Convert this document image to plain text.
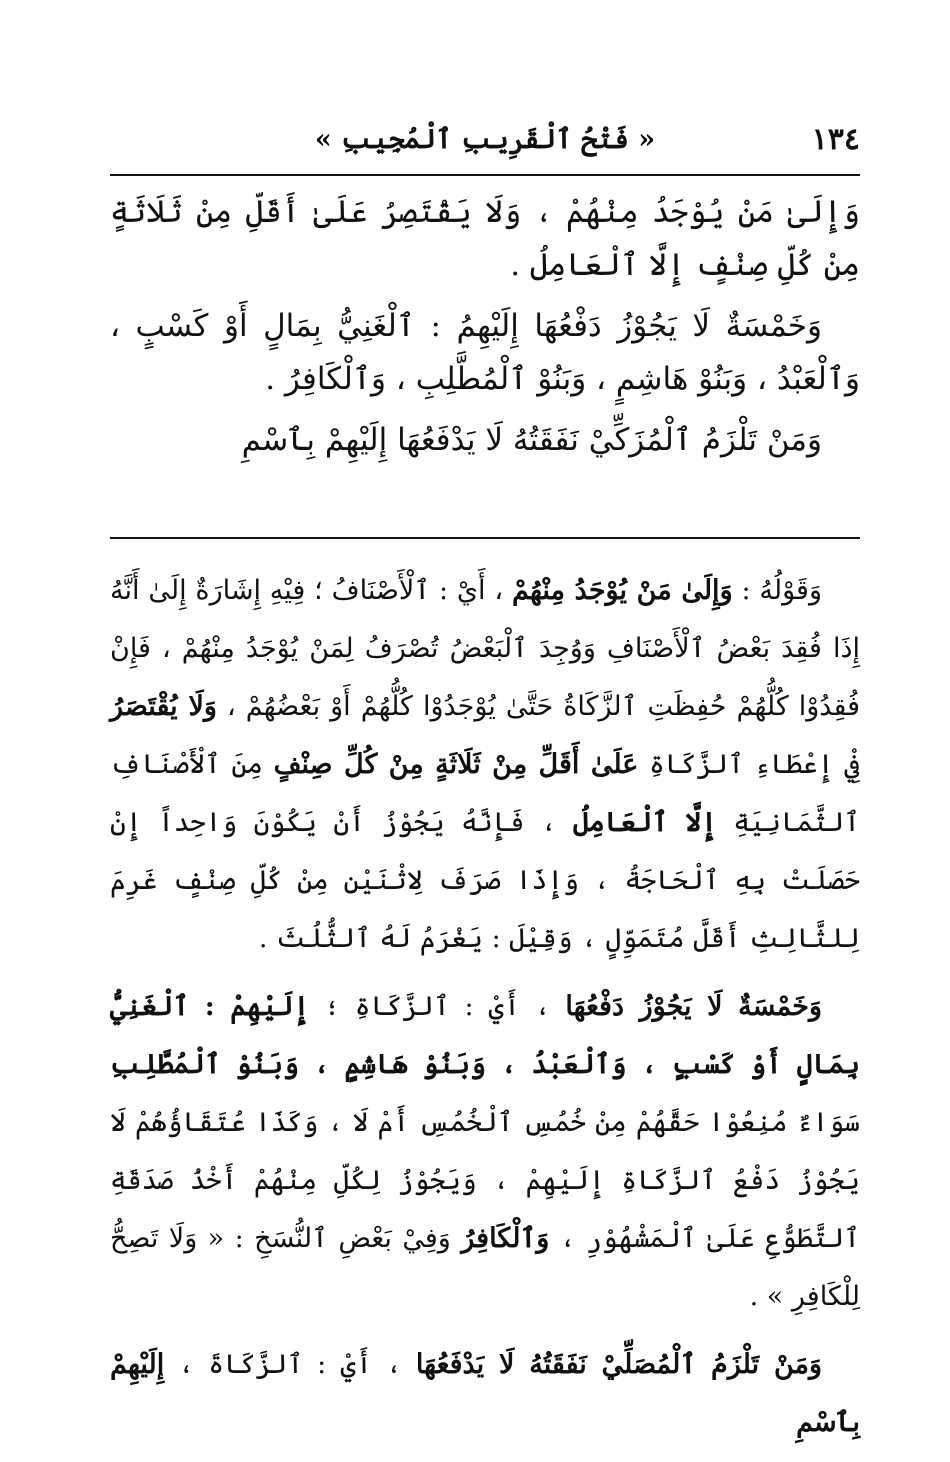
١٣٤
« فَتْحُ ٱلْقَرِيبِ ٱلْمُجِيبِ »

وَإِلَىٰ مَنْ يُوْجَدُ مِنْهُمْ ، وَلَا يَقْتَصِرُ عَلَىٰ أَقَلِّ مِنْ ثَلَاثَةٍ مِنْ كُلِّ صِنْفٍ إِلَّا ٱلْعَامِلُ .

وَخَمْسَةٌ لَا يَجُوْزُ دَفْعُهَا إِلَيْهِمُ : ٱلْغَنِيُّ بِمَالٍ أَوْ كَسْبٍ ، وَٱلْعَبْدُ ، وَبَنُوْ هَاشِمٍ ، وَبَنُوْ ٱلْمُطَّلِبِ ، وَٱلْكَافِرُ .

وَمَنْ تَلْزَمُ ٱلْمُزَكِّيْ نَفَقَتُهُ لَا يَدْفَعُهَا إِلَيْهِمْ بِٱسْمِ

وَقَوْلُهُ : وَإِلَىٰ مَنْ يُوْجَدُ مِنْهُمْ ، أَيْ : ٱلْأَصْنَافُ ؛ فِيْهِ إِشَارَةٌ إِلَىٰ أَنَّهُ إِذَا فُقِدَ بَعْضُ ٱلْأَصْنَافِ وَوُجِدَ ٱلْبَعْضُ تُصْرَفُ لِمَنْ يُوْجَدُ مِنْهُمْ ، فَإِنْ فُقِدُوْا كُلُّهُمْ حُفِظَتِ ٱلزَّكَاةُ حَتَّىٰ يُوْجَدُوْا كُلُّهُمْ أَوْ بَعْضُهُمْ ، وَلَا يُقْتَصَرُ فِيْ إِعْطَاءِ ٱلزَّكَاةِ عَلَىٰ أَقَلِّ مِنْ ثَلَاثَةٍ مِنْ كُلِّ صِنْفٍ مِنَ ٱلْأَصْنَافِ ٱلثَّمَانِيَةِ إِلَّا ٱلْعَامِلُ ، فَإِنَّهُ يَجُوْزُ أَنْ يَكُوْنَ وَاحِداً إِنْ حَصَلَتْ بِهِ ٱلْحَاجَةُ ، وَإِذَا صَرَفَ لِاثْنَيْنِ مِنْ كُلِّ صِنْفٍ غَرِمَ لِلثَّالِثِ أَقَلَّ مُتَمَوِّلٍ ، وَقِيْلَ : يَغْرَمُ لَهُ ٱلثُّلُثَ .

وَخَمْسَةٌ لَا يَجُوْزُ دَفْعُهَا ، أَيْ : ٱلزَّكَاةِ ؛ إِلَيْهِمْ : ٱلْغَنِيُّ بِمَالٍ أَوْ كَسْبٍ ، وَٱلْعَبْدُ ، وَبَنُوْ هَاشِمٍ ، وَبَنُوْ ٱلْمُطَّلِبِ سَوَاءٌ مُنِعُوْا حَقَّهُمْ مِنْ خُمُسِ ٱلْخُمُسِ أَمْ لَا ، وَكَذَا عُتَقَاؤُهُمْ لَا يَجُوْزُ دَفْعُ ٱلزَّكَاةِ إِلَيْهِمْ ، وَيَجُوْزُ لِكُلِّ مِنْهُمْ أَخْذُ صَدَقَةِ ٱلتَّطَوُّعِ عَلَىٰ ٱلْمَشْهُوْرِ ، وَٱلْكَافِرُ وَفِيْ بَعْضِ ٱلنُّسَخِ : « وَلَا تَصِحُّ لِلْكَافِرِ » .

وَمَنْ تَلْزَمُ ٱلْمُصَلِّيْ نَفَقَتُهُ لَا يَدْفَعُهَا ، أَيْ : ٱلزَّكَاةَ ، إِلَيْهِمْ بِٱسْمِ
